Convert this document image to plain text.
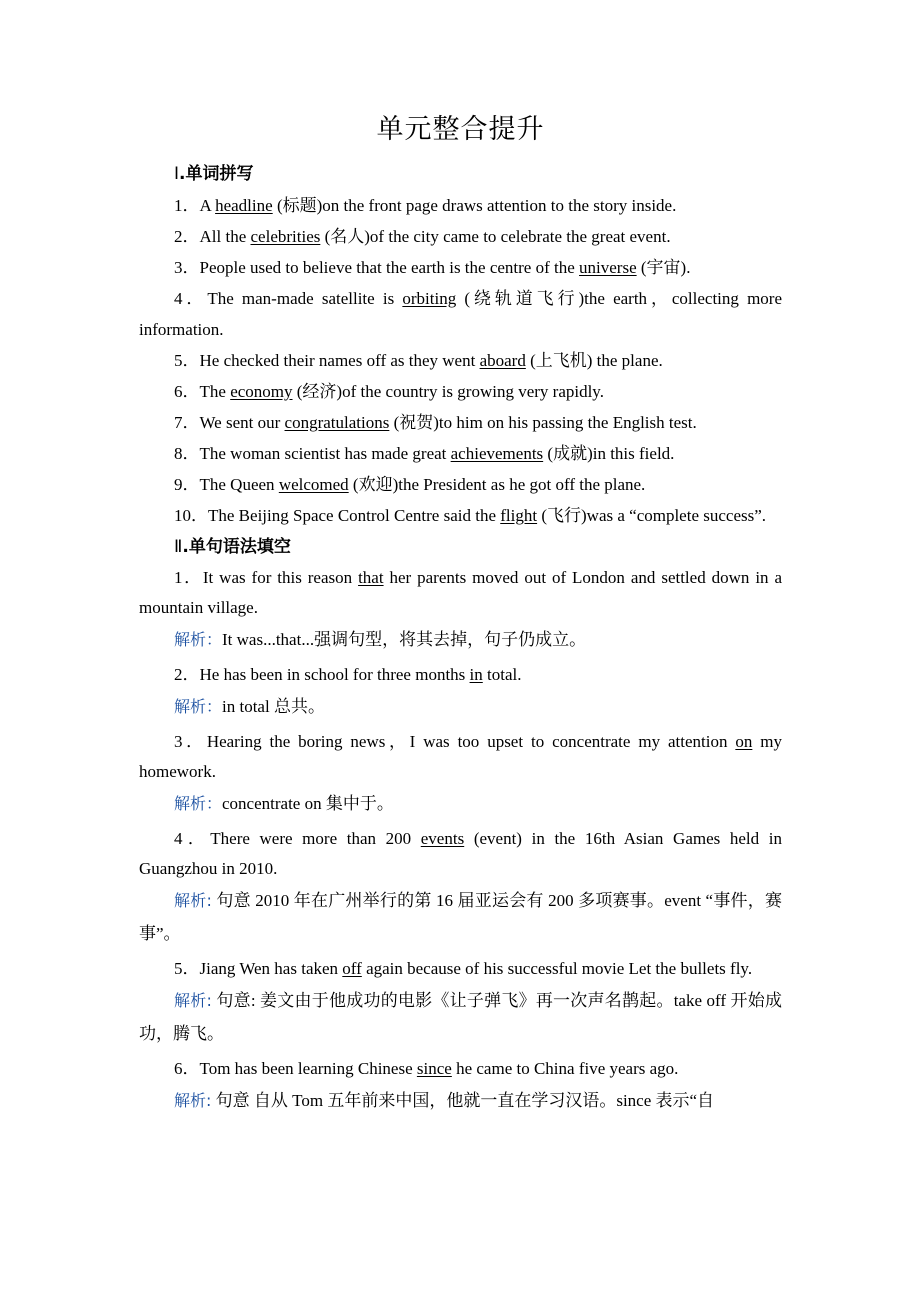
单元整合提升
Ⅰ.单词拼写

1．A headline (标题)on the front page draws attention to the story inside.

2．All the celebrities (名人)of the city came to celebrate the great event.

3．People used to believe that the earth is the centre of the universe (宇宙).

4．The man-made satellite is orbiting (绕轨道飞行)the earth，collecting more information.

5．He checked their names off as they went aboard (上飞机) the plane.

6．The economy (经济)of the country is growing very rapidly.

7．We sent our congratulations (祝贺)to him on his passing the English test.

8．The woman scientist has made great achievements (成就)in this field.

9．The Queen welcomed (欢迎)the President as he got off the plane.

10．The Beijing Space Control Centre said the flight (飞行)was a “complete success”.

Ⅱ.单句语法填空

1．It was for this reason that her parents moved out of London and settled down in a mountain village.

解析：It was...that...强调句型，将其去掉，句子仍成立。

2．He has been in school for three months in total.

解析：in total 总共。

3．Hearing the boring news，I was too upset to concentrate my attention on my homework.

解析：concentrate on 集中于。

4．There were more than 200 events (event) in the 16th Asian Games held in Guangzhou in 2010.

解析: 句意 2010 年在广州举行的第 16 届亚运会有 200 多项赛事。event “事件，赛事”。

5．Jiang Wen has taken off again because of his successful movie Let the bullets fly.

解析: 句意: 姜文由于他成功的电影《让子弹飞》再一次声名鹊起。take off 开始成功，腾飞。

6．Tom has been learning Chinese since he came to China five years ago.

解析: 句意 自从 Tom 五年前来中国，他就一直在学习汉语。since 表示“自
